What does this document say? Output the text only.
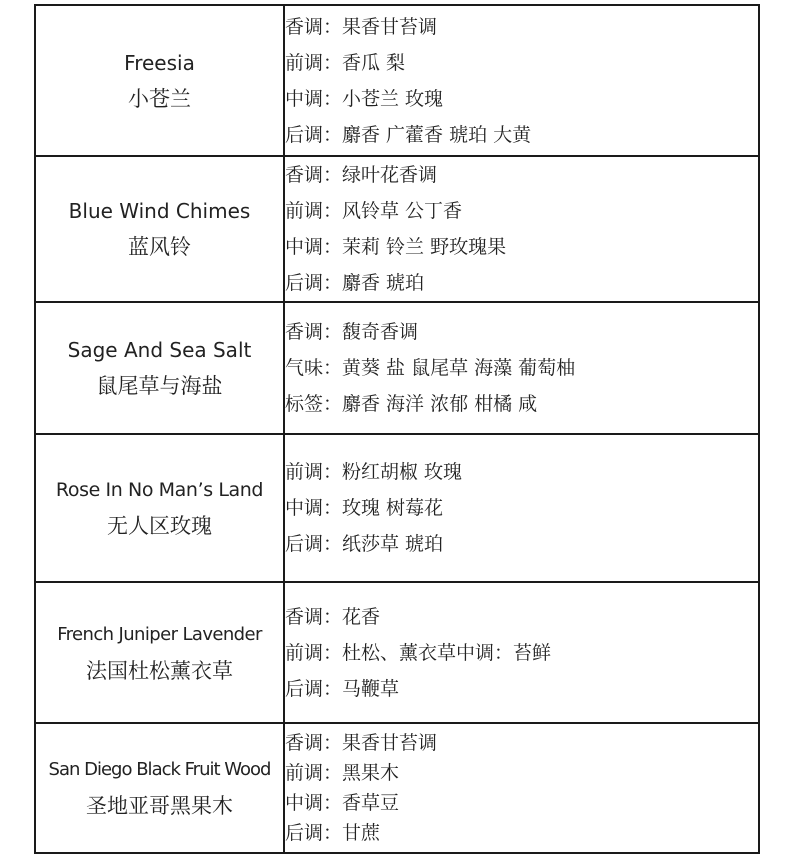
Freesia
小苍兰	香调：果香甘苔调
前调：香瓜 梨
中调：小苍兰 玫瑰
后调：麝香 广藿香 琥珀 大黄

Blue Wind Chimes
蓝风铃	香调：绿叶花香调
前调：风铃草 公丁香
中调：茉莉 铃兰 野玫瑰果
后调：麝香 琥珀

Sage And Sea Salt
鼠尾草与海盐	香调：馥奇香调
气味：黄葵 盐 鼠尾草 海藻 葡萄柚
标签：麝香 海洋 浓郁 柑橘 咸

Rose In No Man’s Land
无人区玫瑰	前调：粉红胡椒 玫瑰
中调：玫瑰 树莓花
后调：纸莎草 琥珀

French Juniper Lavender
法国杜松薰衣草	香调：花香
前调：杜松、薰衣草中调：苔鲜
后调：马鞭草

San Diego Black Fruit Wood
圣地亚哥黑果木	香调：果香甘苔调
前调：黑果木
中调：香草豆
后调：甘蔗
